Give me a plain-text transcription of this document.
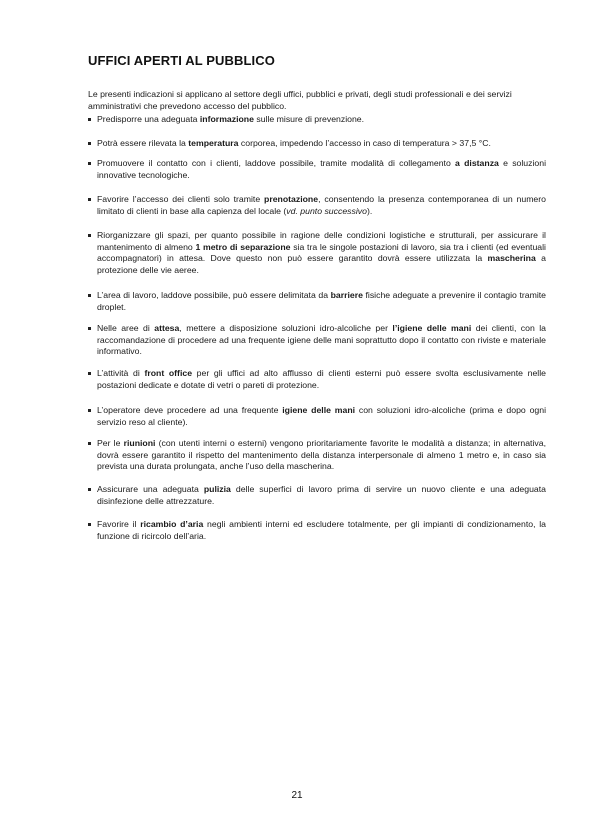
UFFICI APERTI AL PUBBLICO
Le presenti indicazioni si applicano al settore degli uffici, pubblici e privati, degli studi professionali e dei servizi amministrativi che prevedono accesso del pubblico.
Predisporre una adeguata informazione sulle misure di prevenzione.
Potrà essere rilevata la temperatura corporea, impedendo l’accesso in caso di temperatura > 37,5 °C.
Promuovere il contatto con i clienti, laddove possibile, tramite modalità di collegamento a distanza e soluzioni innovative tecnologiche.
Favorire l’accesso dei clienti solo tramite prenotazione, consentendo la presenza contemporanea di un numero limitato di clienti in base alla capienza del locale (vd. punto successivo).
Riorganizzare gli spazi, per quanto possibile in ragione delle condizioni logistiche e strutturali, per assicurare il mantenimento di almeno 1 metro di separazione sia tra le singole postazioni di lavoro, sia tra i clienti (ed eventuali accompagnatori) in attesa. Dove questo non può essere garantito dovrà essere utilizzata la mascherina a protezione delle vie aeree.
L’area di lavoro, laddove possibile, può essere delimitata da barriere fisiche adeguate a prevenire il contagio tramite droplet.
Nelle aree di attesa, mettere a disposizione soluzioni idro-alcoliche per l’igiene delle mani dei clienti, con la raccomandazione di procedere ad una frequente igiene delle mani soprattutto dopo il contatto con riviste e materiale informativo.
L’attività di front office per gli uffici ad alto afflusso di clienti esterni può essere svolta esclusivamente nelle postazioni dedicate e dotate di vetri o pareti di protezione.
L’operatore deve procedere ad una frequente igiene delle mani con soluzioni idro-alcoliche (prima e dopo ogni servizio reso al cliente).
Per le riunioni (con utenti interni o esterni) vengono prioritariamente favorite le modalità a distanza; in alternativa, dovrà essere garantito il rispetto del mantenimento della distanza interpersonale di almeno 1 metro e, in caso sia prevista una durata prolungata, anche l’uso della mascherina.
Assicurare una adeguata pulizia delle superfici di lavoro prima di servire un nuovo cliente e una adeguata disinfezione delle attrezzature.
Favorire il ricambio d’aria negli ambienti interni ed escludere totalmente, per gli impianti di condizionamento, la funzione di ricircolo dell’aria.
21
